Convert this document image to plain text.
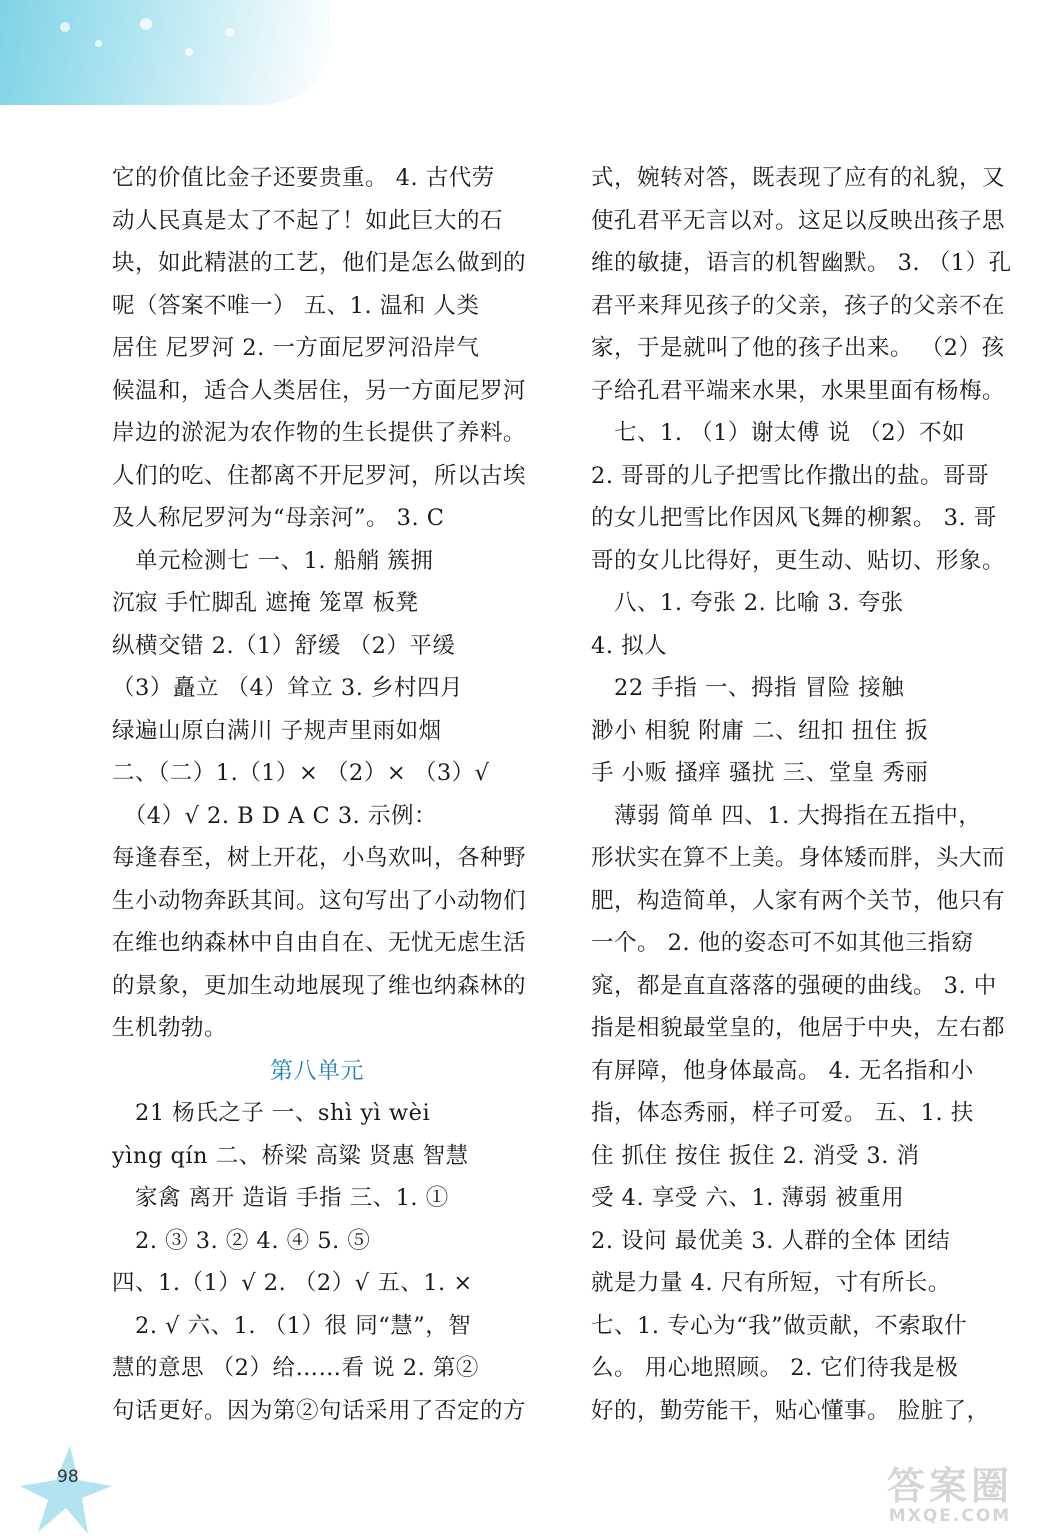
它的价值比金子还要贵重。 4. 古代劳
动人民真是太了不起了！如此巨大的石
块，如此精湛的工艺，他们是怎么做到的
呢（答案不唯一） 五、1. 温和 人类
居住 尼罗河 2. 一方面尼罗河沿岸气
候温和，适合人类居住，另一方面尼罗河
岸边的淤泥为农作物的生长提供了养料。
人们的吃、住都离不开尼罗河，所以古埃
及人称尼罗河为“母亲河”。 3. C
　单元检测七 一、1. 船艄 簇拥
沉寂 手忙脚乱 遮掩 笼罩 板凳
纵横交错 2.（1）舒缓 （2）平缓
（3）矗立 （4）耸立 3. 乡村四月
绿遍山原白满川 子规声里雨如烟
二、（二）1.（1）× （2）× （3）√
　（4）√ 2. B D A C 3. 示例：
每逢春至，树上开花，小鸟欢叫，各种野
生小动物奔跃其间。这句写出了小动物们
在维也纳森林中自由自在、无忧无虑生活
的景象，更加生动地展现了维也纳森林的
生机勃勃。
第八单元
　21 杨氏之子 一、shì yì wèi
yìng qín 二、桥梁 高粱 贤惠 智慧
　家禽 离开 造诣 手指 三、1. ①
　2. ③ 3. ② 4. ④ 5. ⑤
四、1.（1）√ 2. （2）√ 五、1. ×
　2. √ 六、1. （1）很 同“慧”，智
慧的意思 （2）给……看 说 2. 第②
句话更好。因为第②句话采用了否定的方
式，婉转对答，既表现了应有的礼貌，又
使孔君平无言以对。这足以反映出孩子思
维的敏捷，语言的机智幽默。 3. （1）孔
君平来拜见孩子的父亲，孩子的父亲不在
家，于是就叫了他的孩子出来。 （2）孩
子给孔君平端来水果，水果里面有杨梅。
　七、1. （1）谢太傅 说 （2）不如
2. 哥哥的儿子把雪比作撒出的盐。哥哥
的女儿把雪比作因风飞舞的柳絮。 3. 哥
哥的女儿比得好，更生动、贴切、形象。
　八、1. 夸张 2. 比喻 3. 夸张
4. 拟人
　22 手指 一、拇指 冒险 接触
渺小 相貌 附庸 二、纽扣 扭住 扳
手 小贩 搔痒 骚扰 三、堂皇 秀丽
　薄弱 简单 四、1. 大拇指在五指中，
形状实在算不上美。身体矮而胖，头大而
肥，构造简单，人家有两个关节，他只有
一个。 2. 他的姿态可不如其他三指窈
窕，都是直直落落的强硬的曲线。 3. 中
指是相貌最堂皇的，他居于中央，左右都
有屏障，他身体最高。 4. 无名指和小
指，体态秀丽，样子可爱。 五、1. 扶
住 抓住 按住 扳住 2. 消受 3. 消
受 4. 享受 六、1. 薄弱 被重用
2. 设问 最优美 3. 人群的全体 团结
就是力量 4. 尺有所短，寸有所长。
七、1. 专心为“我”做贡献，不索取什
么。 用心地照顾。 2. 它们待我是极
好的，勤劳能干，贴心懂事。 脸脏了，
98	答案圈
MXQE.COM
